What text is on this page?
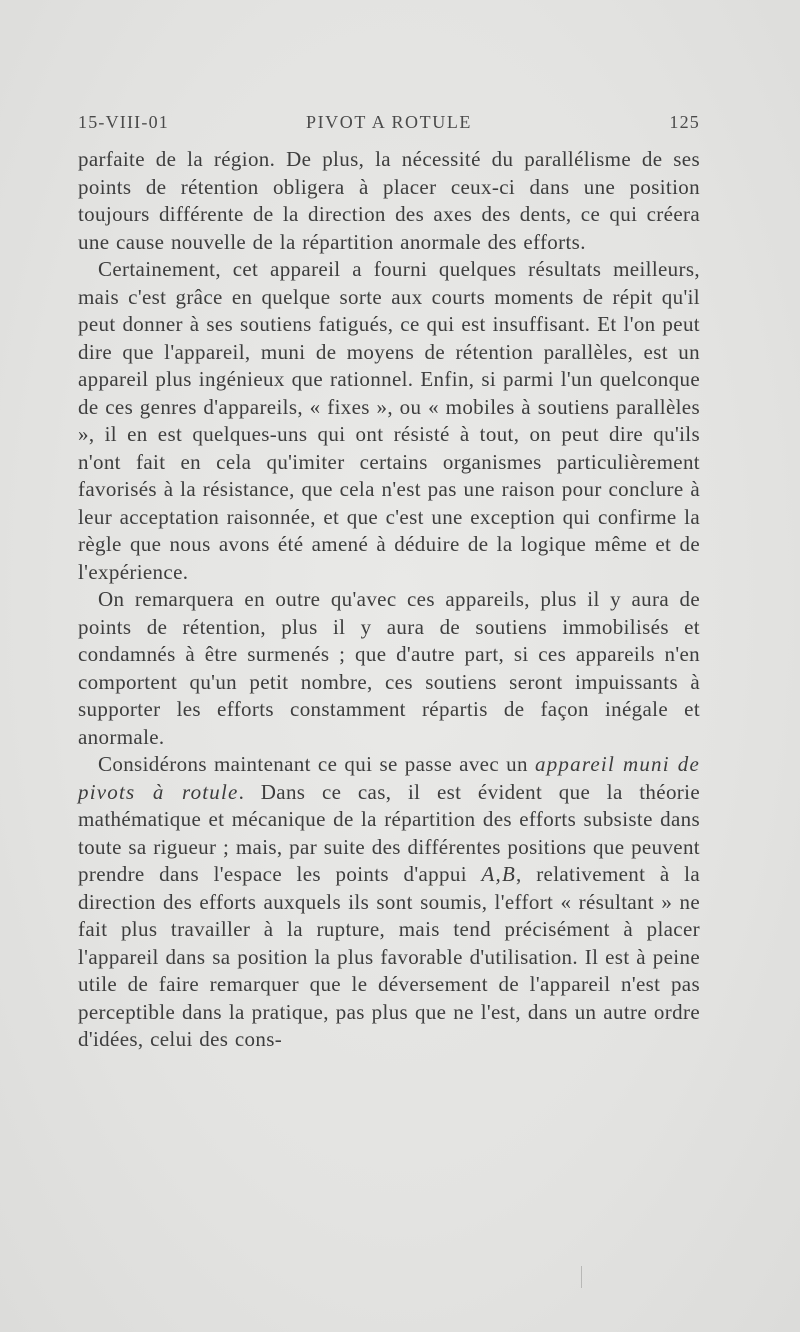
15-VIII-01	PIVOT A ROTULE	125

parfaite de la région. De plus, la nécessité du parallélisme de ses points de rétention obligera à placer ceux-ci dans une position toujours différente de la direction des axes des dents, ce qui créera une cause nouvelle de la répartition anormale des efforts.

Certainement, cet appareil a fourni quelques résultats meilleurs, mais c'est grâce en quelque sorte aux courts moments de répit qu'il peut donner à ses soutiens fatigués, ce qui est insuffisant. Et l'on peut dire que l'appareil, muni de moyens de rétention parallèles, est un appareil plus ingénieux que rationnel. Enfin, si parmi l'un quelconque de ces genres d'appareils, « fixes », ou « mobiles à soutiens parallèles », il en est quelques-uns qui ont résisté à tout, on peut dire qu'ils n'ont fait en cela qu'imiter certains organismes particulièrement favorisés à la résistance, que cela n'est pas une raison pour conclure à leur acceptation raisonnée, et que c'est une exception qui confirme la règle que nous avons été amené à déduire de la logique même et de l'expérience.

On remarquera en outre qu'avec ces appareils, plus il y aura de points de rétention, plus il y aura de soutiens immobilisés et condamnés à être surmenés ; que d'autre part, si ces appareils n'en comportent qu'un petit nombre, ces soutiens seront impuissants à supporter les efforts constamment répartis de façon inégale et anormale.

Considérons maintenant ce qui se passe avec un appareil muni de pivots à rotule. Dans ce cas, il est évident que la théorie mathématique et mécanique de la répartition des efforts subsiste dans toute sa rigueur ; mais, par suite des différentes positions que peuvent prendre dans l'espace les points d'appui A,B, relativement à la direction des efforts auxquels ils sont soumis, l'effort « résultant » ne fait plus travailler à la rupture, mais tend précisément à placer l'appareil dans sa position la plus favorable d'utilisation. Il est à peine utile de faire remarquer que le déversement de l'appareil n'est pas perceptible dans la pratique, pas plus que ne l'est, dans un autre ordre d'idées, celui des cons-
